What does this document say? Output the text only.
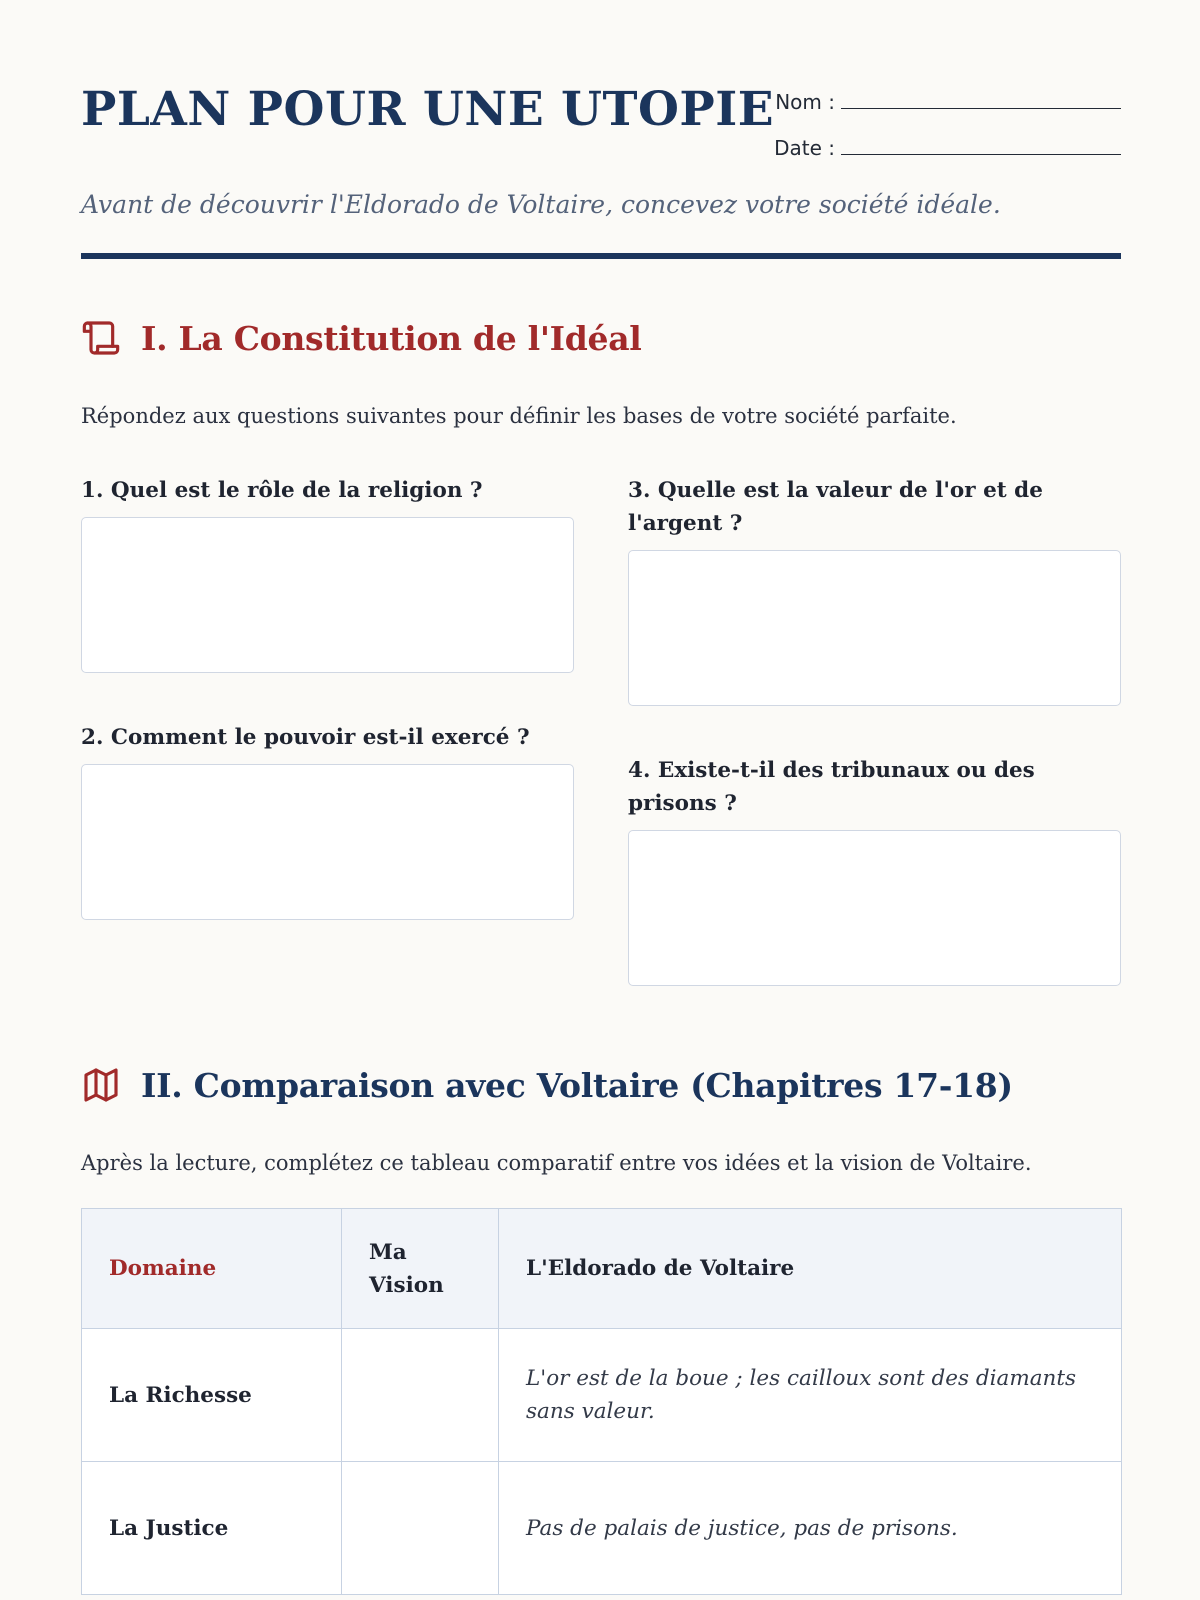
PLAN POUR UNE UTOPIE Nom :
Date :

Avant de découvrir l'Eldorado de Voltaire, concevez votre société idéale.

I. La Constitution de l'Idéal

Répondez aux questions suivantes pour définir les bases de votre société parfaite.

1. Quel est le rôle de la religion ?

2. Comment le pouvoir est-il exercé ?

3. Quelle est la valeur de l'or et de l'argent ?

4. Existe-t-il des tribunaux ou des prisons ?

II. Comparaison avec Voltaire (Chapitres 17-18)

Après la lecture, complétez ce tableau comparatif entre vos idées et la vision de Voltaire.

Domaine	Ma Vision	L'Eldorado de Voltaire
La Richesse		L'or est de la boue ; les cailloux sont des diamants sans valeur.
La Justice		Pas de palais de justice, pas de prisons.
